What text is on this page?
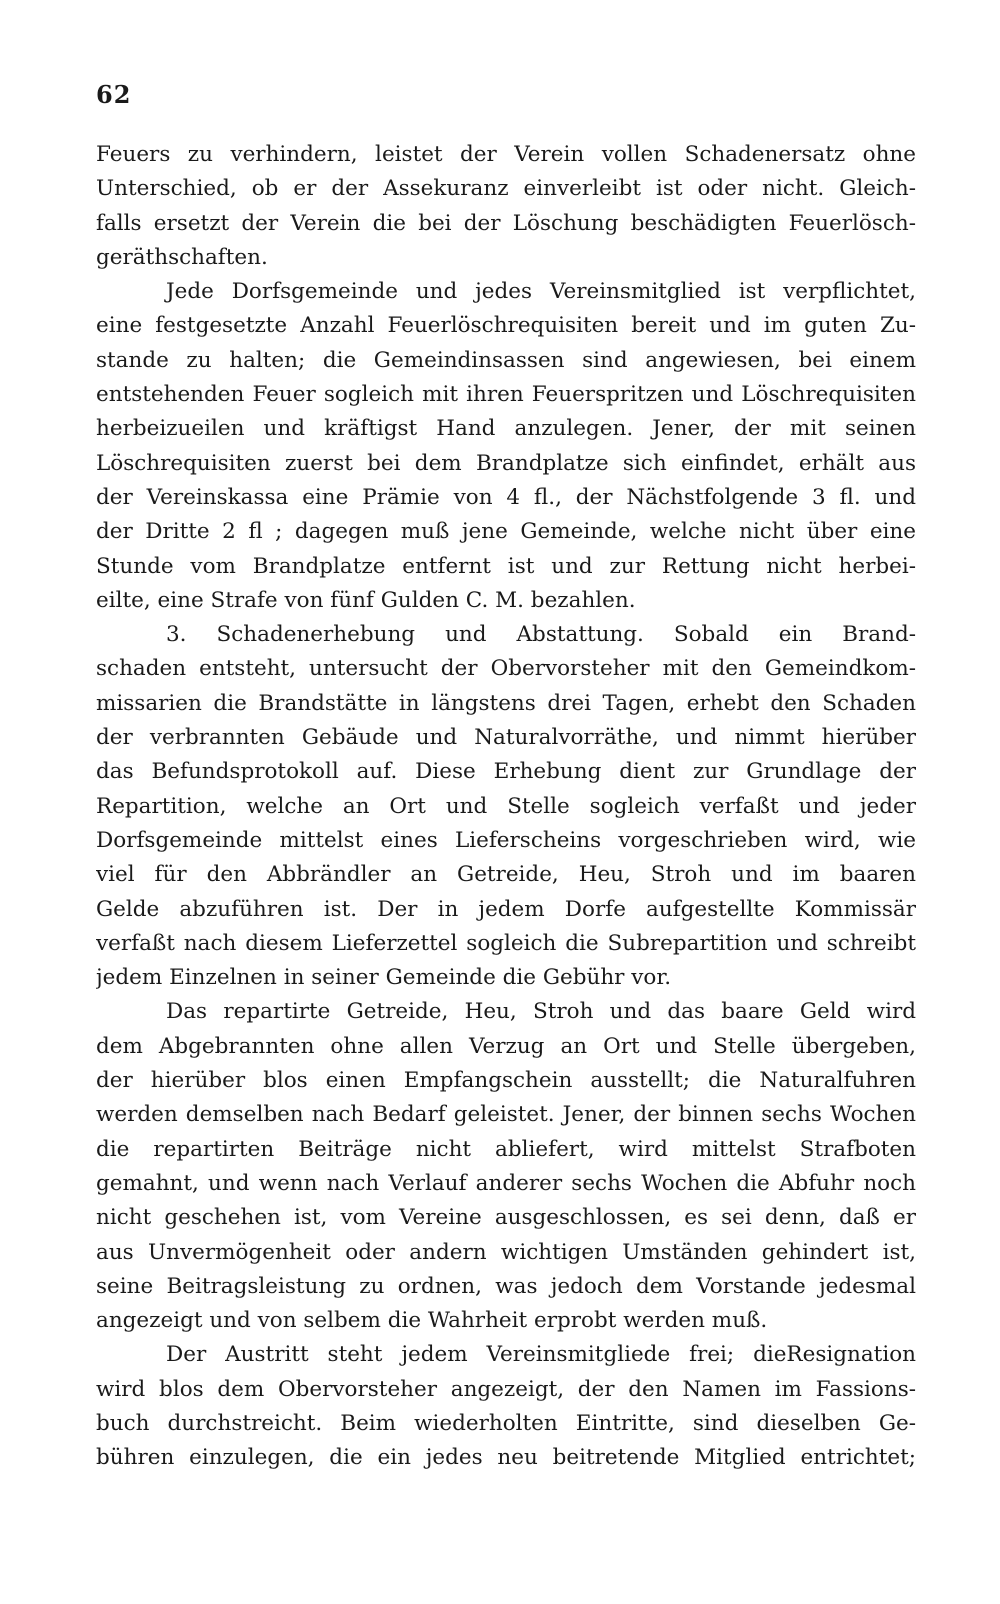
62
Feuers zu verhindern, leistet der Verein vollen Schadenersatz ohne
Unterschied, ob er der Assekuranz einverleibt ist oder nicht. Gleich-
falls ersetzt der Verein die bei der Löschung beschädigten Feuerlösch-
geräthschaften.
Jede Dorfsgemeinde und jedes Vereinsmitglied ist verpflichtet,
eine festgesetzte Anzahl Feuerlöschrequisiten bereit und im guten Zu-
stande zu halten; die Gemeindinsassen sind angewiesen, bei einem
entstehenden Feuer sogleich mit ihren Feuerspritzen und Löschrequisiten
herbeizueilen und kräftigst Hand anzulegen. Jener, der mit seinen
Löschrequisiten zuerst bei dem Brandplatze sich einfindet, erhält aus
der Vereinskassa eine Prämie von 4 fl., der Nächstfolgende 3 fl. und
der Dritte 2 fl ; dagegen muß jene Gemeinde, welche nicht über eine
Stunde vom Brandplatze entfernt ist und zur Rettung nicht herbei-
eilte, eine Strafe von fünf Gulden C. M. bezahlen.
3. Schadenerhebung und Abstattung. Sobald ein Brand-
schaden entsteht, untersucht der Obervorsteher mit den Gemeindkom-
missarien die Brandstätte in längstens drei Tagen, erhebt den Schaden
der verbrannten Gebäude und Naturalvorräthe, und nimmt hierüber
das Befundsprotokoll auf. Diese Erhebung dient zur Grundlage der
Repartition, welche an Ort und Stelle sogleich verfaßt und jeder
Dorfsgemeinde mittelst eines Lieferscheins vorgeschrieben wird, wie
viel für den Abbrändler an Getreide, Heu, Stroh und im baaren
Gelde abzuführen ist. Der in jedem Dorfe aufgestellte Kommissär
verfaßt nach diesem Lieferzettel sogleich die Subrepartition und schreibt
jedem Einzelnen in seiner Gemeinde die Gebühr vor.
Das repartirte Getreide, Heu, Stroh und das baare Geld wird
dem Abgebrannten ohne allen Verzug an Ort und Stelle übergeben,
der hierüber blos einen Empfangschein ausstellt; die Naturalfuhren
werden demselben nach Bedarf geleistet. Jener, der binnen sechs Wochen
die repartirten Beiträge nicht abliefert, wird mittelst Strafboten
gemahnt, und wenn nach Verlauf anderer sechs Wochen die Abfuhr noch
nicht geschehen ist, vom Vereine ausgeschlossen, es sei denn, daß er
aus Unvermögenheit oder andern wichtigen Umständen gehindert ist,
seine Beitragsleistung zu ordnen, was jedoch dem Vorstande jedesmal
angezeigt und von selbem die Wahrheit erprobt werden muß.
Der Austritt steht jedem Vereinsmitgliede frei; dieResignation
wird blos dem Obervorsteher angezeigt, der den Namen im Fassions-
buch durchstreicht. Beim wiederholten Eintritte, sind dieselben Ge-
bühren einzulegen, die ein jedes neu beitretende Mitglied entrichtet;
